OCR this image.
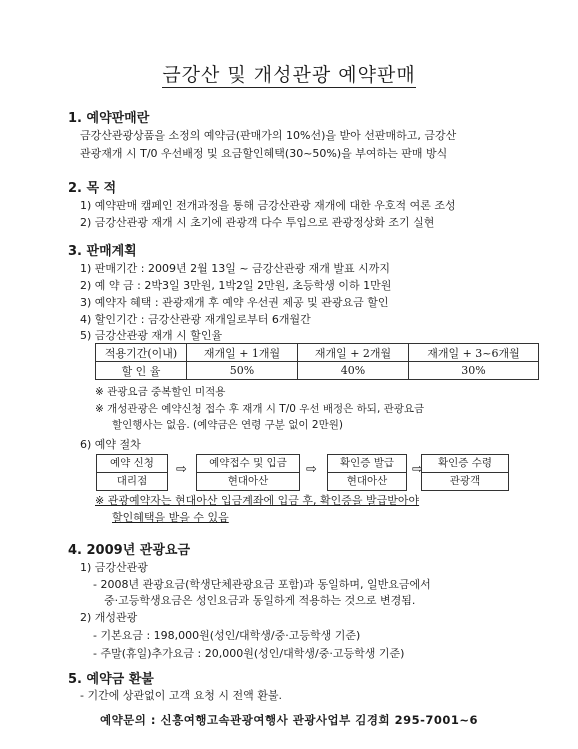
금강산 및 개성관광 예약판매
1. 예약판매란
금강산관광상품을 소정의 예약금(판매가의 10%선)을 받아 선판매하고, 금강산
관광재개 시 T/0 우선배정 및 요금할인혜택(30~50%)을 부여하는 판매 방식
2. 목 적
1) 예약판매 캠페인 전개과정을 통해 금강산관광 재개에 대한 우호적 여론 조성
2) 금강산관광 재개 시 초기에 관광객 다수 투입으로 관광정상화 조기 실현
3. 판매계획
1) 판매기간 : 2009년 2월 13일 ~ 금강산관광 재개 발표 시까지
2) 예 약 금 : 2박3일 3만원, 1박2일 2만원, 초등학생 이하 1만원
3) 예약자 혜택 : 관광재개 후 예약 우선권 제공 및 관광요금 할인
4) 할인기간 : 금강산관광 재개일로부터 6개월간
5) 금강산관광 재개 시 할인율
적용기간(이내)	재개일 + 1개월	재개일 + 2개월	재개일 + 3~6개월
할 인 율	50%	40%	30%
※ 관광요금 중복할인 미적용
※ 개성관광은 예약신청 접수 후 재개 시 T/0 우선 배정은 하되, 관광요금
할인행사는 없음. (예약금은 연령 구분 없이 2만원)
6) 예약 절차
예약 신청
대리점
⇨	예약접수 및 입금
현대아산
⇨	확인증 발급
현대아산
⇨	확인증 수령
관광객
※ 관광예약자는 현대아산 입금계좌에 입금 후, 확인증을 발급받아야
할인혜택을 받을 수 있음
4. 2009년 관광요금
1) 금강산관광
- 2008년 관광요금(학생단체관광요금 포함)과 동일하며, 일반요금에서
중·고등학생요금은 성인요금과 동일하게 적용하는 것으로 변경됨.
2) 개성관광
- 기본요금 : 198,000원(성인/대학생/중·고등학생 기준)
- 주말(휴일)추가요금 : 20,000원(성인/대학생/중·고등학생 기준)
5. 예약금 환불
- 기간에 상관없이 고객 요청 시 전액 환불.
예약문의 : 신흥여행고속관광여행사 관광사업부 김경희 295-7001~6
